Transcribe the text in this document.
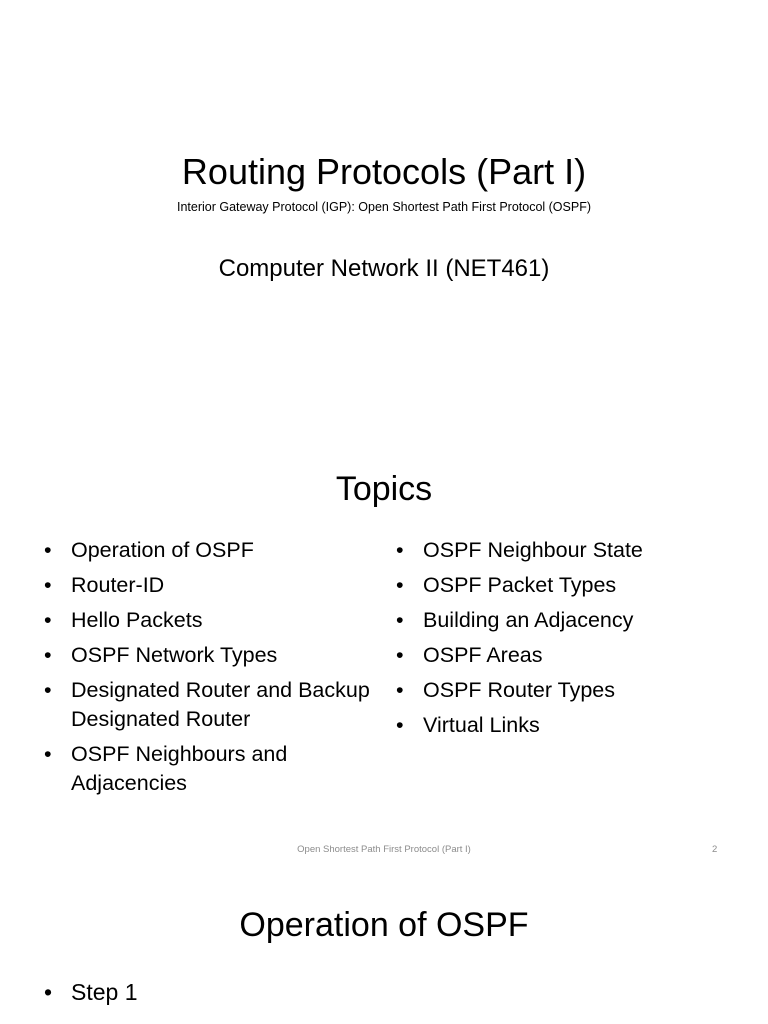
Routing Protocols (Part I)
Interior Gateway Protocol (IGP): Open Shortest Path First Protocol (OSPF)
Computer Network II (NET461)
Topics
• Operation of OSPF
• Router-ID
• Hello Packets
• OSPF Network Types
• Designated Router and Backup Designated Router
• OSPF Neighbours and Adjacencies
• OSPF Neighbour State
• OSPF Packet Types
• Building an Adjacency
• OSPF Areas
• OSPF Router Types
• Virtual Links
Open Shortest Path First Protocol (Part I)	2
Operation of OSPF
• Step 1
